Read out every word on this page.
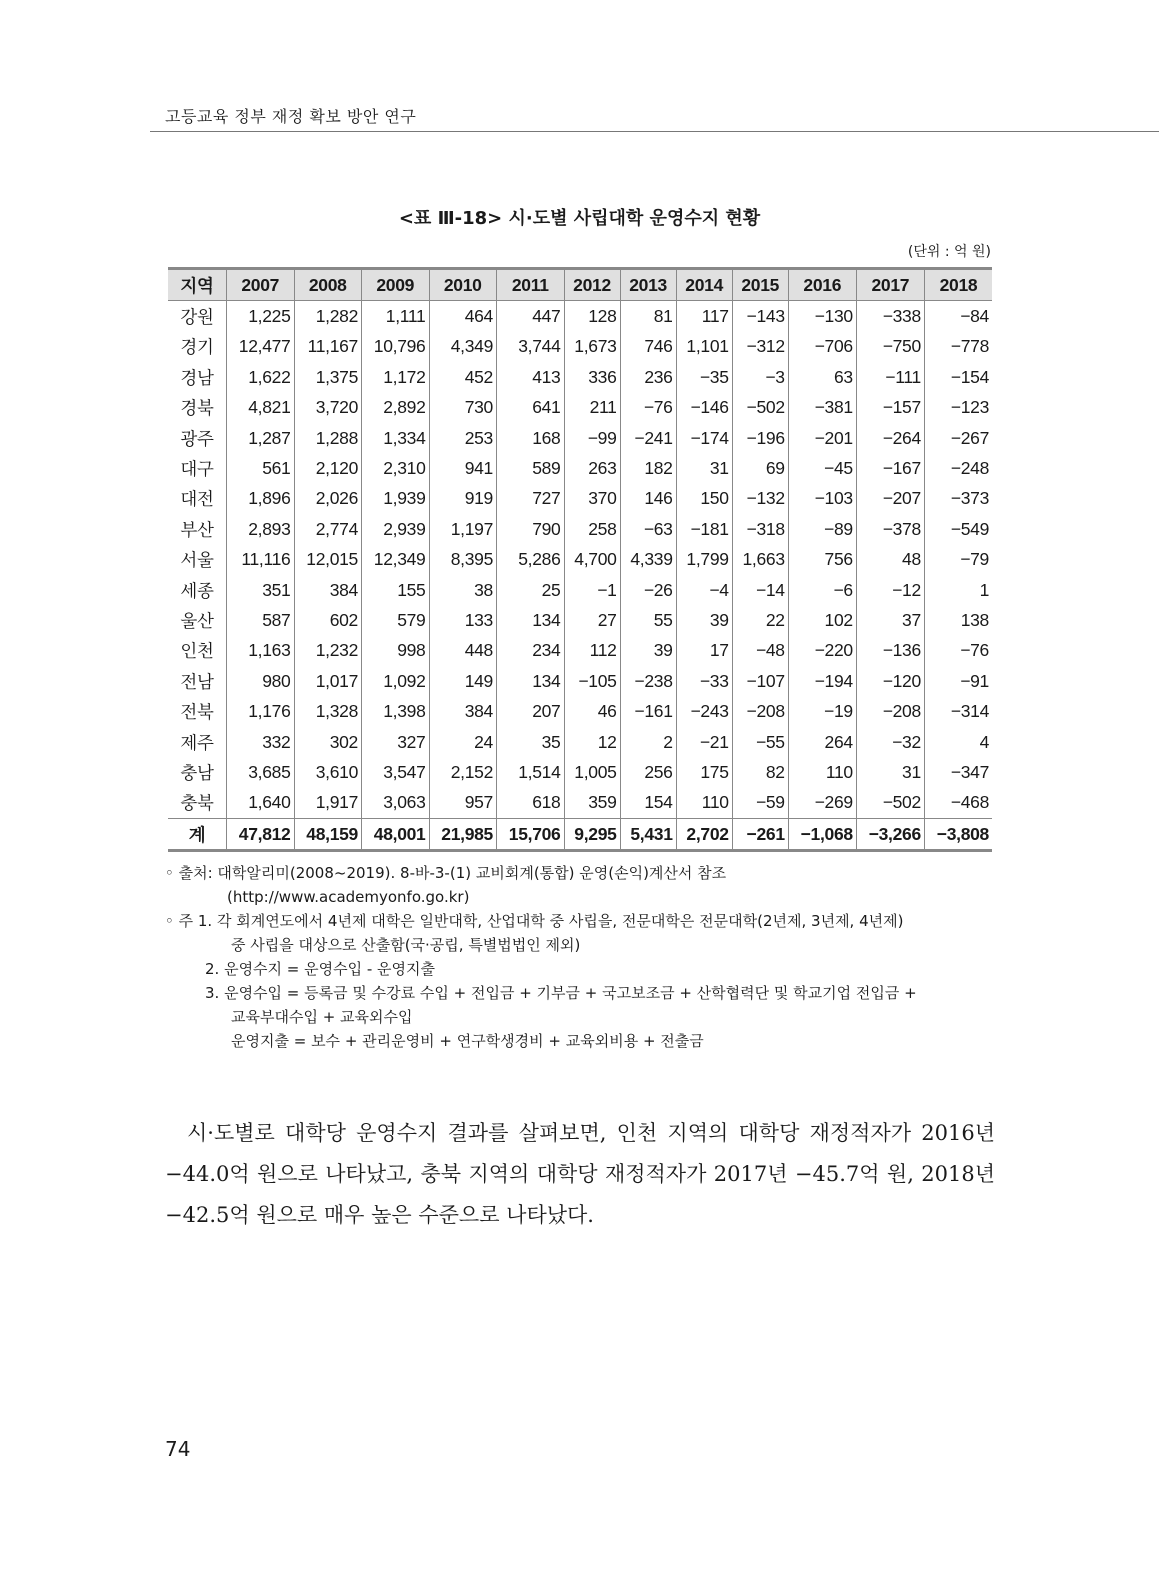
고등교육 정부 재정 확보 방안 연구
<표 Ⅲ-18> 시·도별 사립대학 운영수지 현황
(단위 : 억 원)
지역	2007	2008	2009	2010	2011	2012	2013	2014	2015	2016	2017	2018
강원	1,225	1,282	1,111	464	447	128	81	117	−143	−130	−338	−84
경기	12,477	11,167	10,796	4,349	3,744	1,673	746	1,101	−312	−706	−750	−778
경남	1,622	1,375	1,172	452	413	336	236	−35	−3	63	−111	−154
경북	4,821	3,720	2,892	730	641	211	−76	−146	−502	−381	−157	−123
광주	1,287	1,288	1,334	253	168	−99	−241	−174	−196	−201	−264	−267
대구	561	2,120	2,310	941	589	263	182	31	69	−45	−167	−248
대전	1,896	2,026	1,939	919	727	370	146	150	−132	−103	−207	−373
부산	2,893	2,774	2,939	1,197	790	258	−63	−181	−318	−89	−378	−549
서울	11,116	12,015	12,349	8,395	5,286	4,700	4,339	1,799	1,663	756	48	−79
세종	351	384	155	38	25	−1	−26	−4	−14	−6	−12	1
울산	587	602	579	133	134	27	55	39	22	102	37	138
인천	1,163	1,232	998	448	234	112	39	17	−48	−220	−136	−76
전남	980	1,017	1,092	149	134	−105	−238	−33	−107	−194	−120	−91
전북	1,176	1,328	1,398	384	207	46	−161	−243	−208	−19	−208	−314
제주	332	302	327	24	35	12	2	−21	−55	264	−32	4
충남	3,685	3,610	3,547	2,152	1,514	1,005	256	175	82	110	31	−347
충북	1,640	1,917	3,063	957	618	359	154	110	−59	−269	−502	−468
계	47,812	48,159	48,001	21,985	15,706	9,295	5,431	2,702	−261	−1,068	−3,266	−3,808
◦ 출처: 대학알리미(2008~2019). 8-바-3-(1) 교비회계(통합) 운영(손익)계산서 참조
(http://www.academyonfo.go.kr)
◦ 주 1. 각 회계연도에서 4년제 대학은 일반대학, 산업대학 중 사립을, 전문대학은 전문대학(2년제, 3년제, 4년제)
중 사립을 대상으로 산출함(국·공립, 특별법법인 제외)
2. 운영수지 = 운영수입 - 운영지출
3. 운영수입 = 등록금 및 수강료 수입 + 전입금 + 기부금 + 국고보조금 + 산학협력단 및 학교기업 전입금 +
교육부대수입 + 교육외수입
운영지출 = 보수 + 관리운영비 + 연구학생경비 + 교육외비용 + 전출금

시·도별로 대학당 운영수지 결과를 살펴보면, 인천 지역의 대학당 재정적자가 2016년 −44.0억 원으로 나타났고, 충북 지역의 대학당 재정적자가 2017년 −45.7억 원, 2018년 −42.5억 원으로 매우 높은 수준으로 나타났다.

74
